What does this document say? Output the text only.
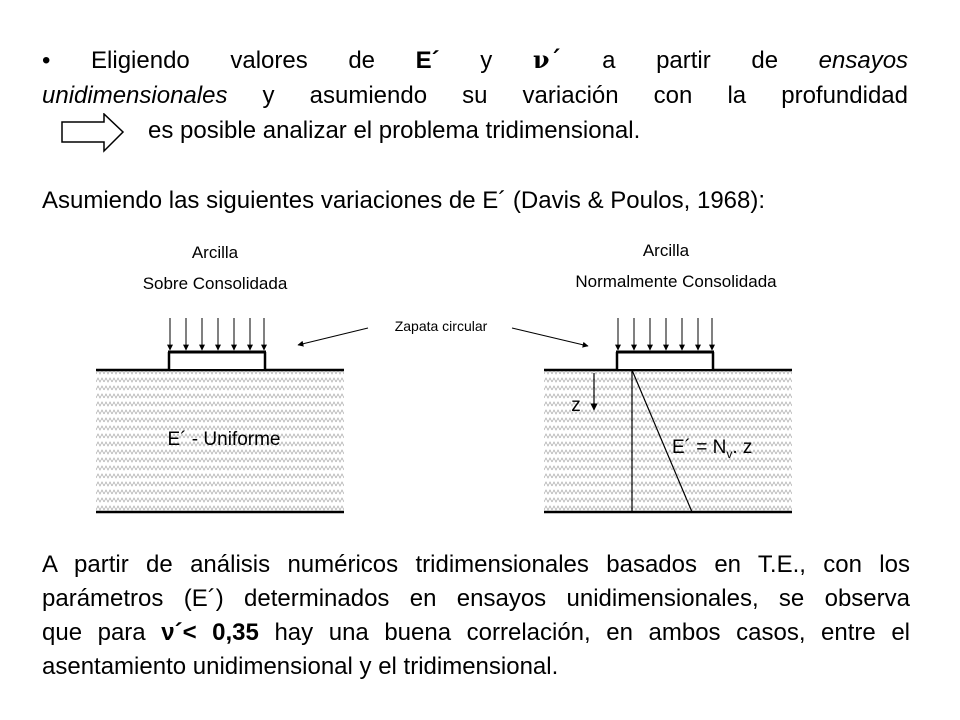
• Eligiendo valores de E´ y ν´ a partir de ensayos
unidimensionales y asumiendo su variación con la profundidad
es posible analizar el problema tridimensional.
Asumiendo las siguientes variaciones de E´ (Davis & Poulos, 1968):
Arcilla
Sobre Consolidada
Arcilla
Normalmente Consolidada
E´ - Uniforme
z
E´ = $N_v$. z
Zapata circular
A partir de análisis numéricos tridimensionales basados en T.E., con los
parámetros (E´) determinados en ensayos unidimensionales, se observa
que para ν´< 0,35 hay una buena correlación, en ambos casos, entre el
asentamiento unidimensional y el tridimensional.
